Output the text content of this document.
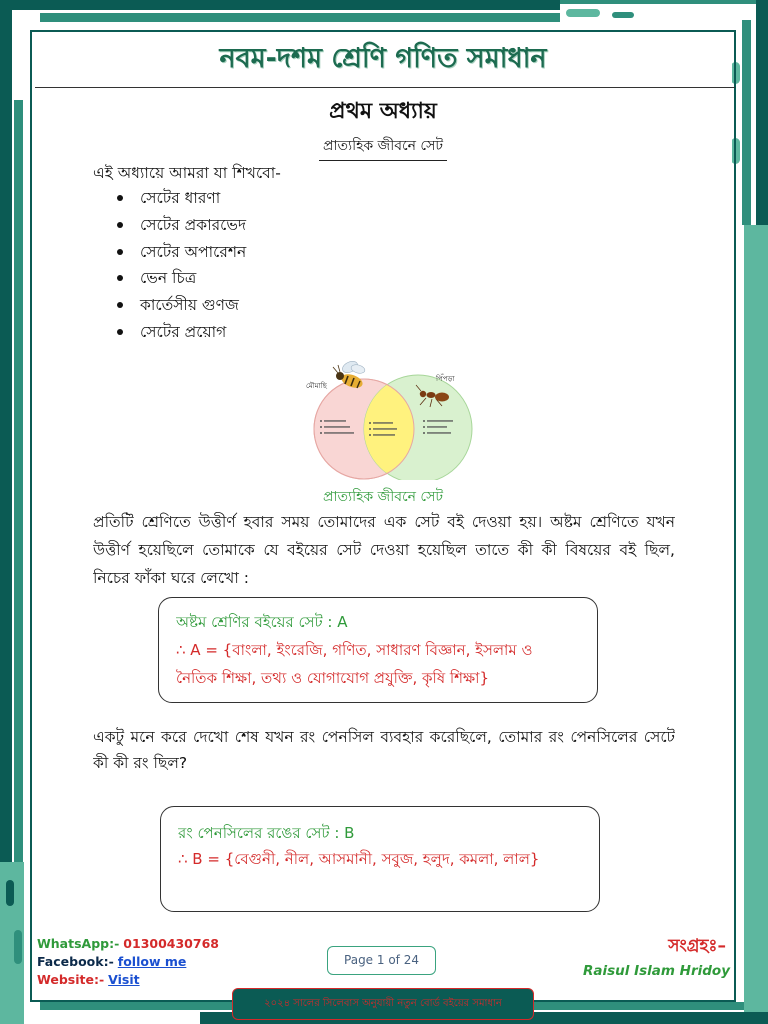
নবম-দশম শ্রেণি গণিত সমাধান
প্রথম অধ্যায়
প্রাত্যহিক জীবনে সেট
এই অধ্যায়ে আমরা যা শিখবো-
সেটের ধারণা
সেটের প্রকারভেদ
সেটের অপারেশন
ভেন চিত্র
কার্তেসীয় গুণজ
সেটের প্রয়োগ
মৌমাছি
পিঁপড়া
প্রাত্যহিক জীবনে সেট
প্রতিটি শ্রেণিতে উত্তীর্ণ হবার সময় তোমাদের এক সেট বই দেওয়া হয়। অষ্টম শ্রেণিতে যখন
উত্তীর্ণ হয়েছিলে তোমাকে যে বইয়ের সেট দেওয়া হয়েছিল তাতে কী কী বিষয়ের বই ছিল,
নিচের ফাঁকা ঘরে লেখো :
অষ্টম শ্রেণির বইয়ের সেট : A
∴ A = {বাংলা, ইংরেজি, গণিত, সাধারণ বিজ্ঞান, ইসলাম ও
নৈতিক শিক্ষা, তথ্য ও যোগাযোগ প্রযুক্তি, কৃষি শিক্ষা}
একটু মনে করে দেখো শেষ যখন রং পেনসিল ব্যবহার করেছিলে, তোমার রং পেনসিলের সেটে
কী কী রং ছিল?
রং পেনসিলের রঙের সেট : B
∴ B = {বেগুনী, নীল, আসমানী, সবুজ, হলুদ, কমলা, লাল}
WhatsApp:- 01300430768
Facebook:- follow me
Website:- Visit
Page 1 of 24
সংগ্রহঃ–
Raisul Islam Hridoy
২০২৪ সালের সিলেবাস অনুযায়ী নতুন বোর্ড বইয়ের সমাধান
